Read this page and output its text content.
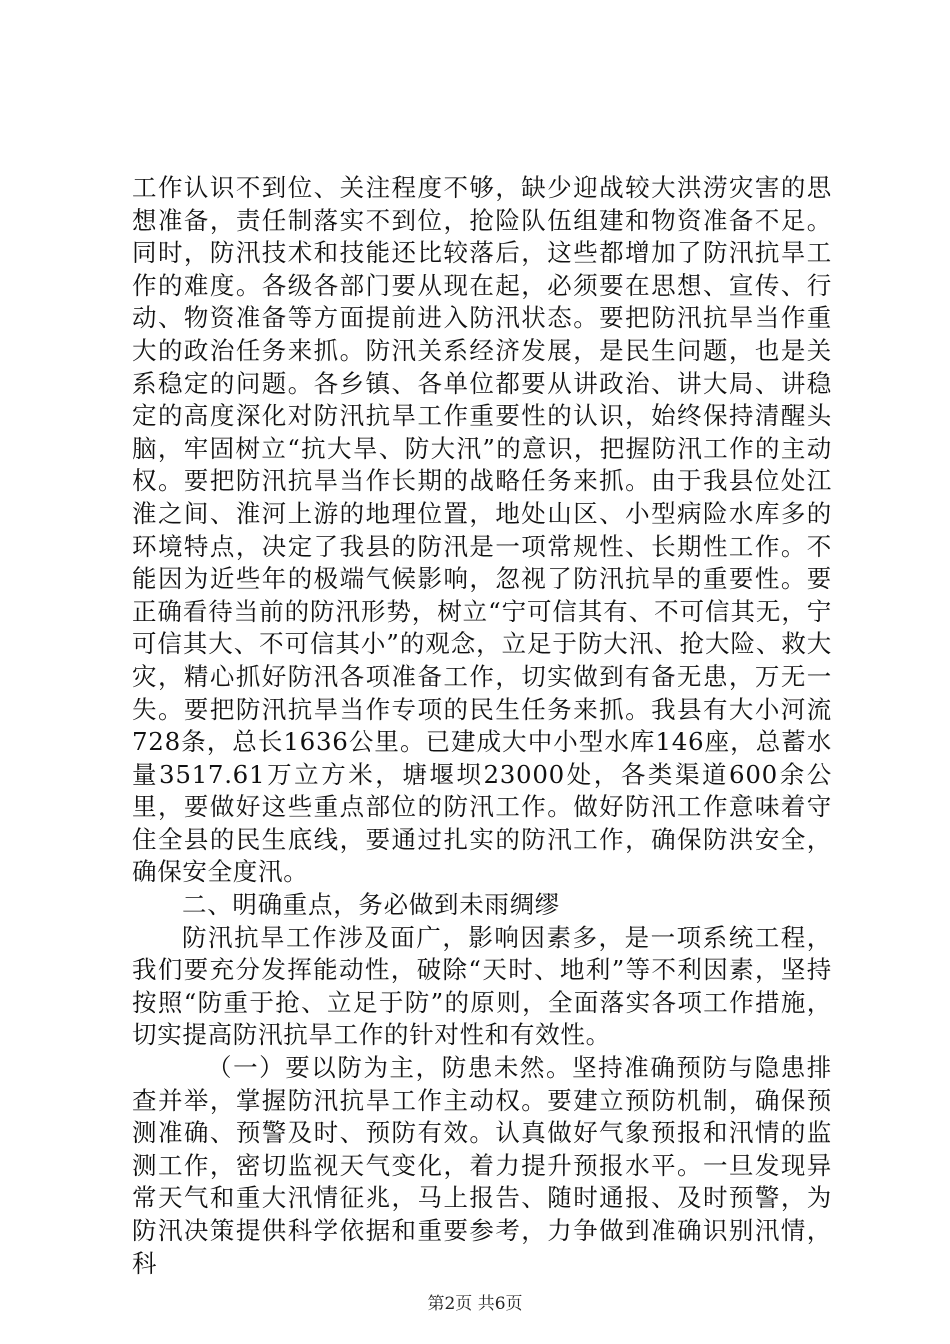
工作认识不到位、关注程度不够，缺少迎战较大洪涝灾害的思想准备，责任制落实不到位，抢险队伍组建和物资准备不足。同时，防汛技术和技能还比较落后，这些都增加了防汛抗旱工作的难度。各级各部门要从现在起，必须要在思想、宣传、行动、物资准备等方面提前进入防汛状态。要把防汛抗旱当作重大的政治任务来抓。防汛关系经济发展，是民生问题，也是关系稳定的问题。各乡镇、各单位都要从讲政治、讲大局、讲稳定的高度深化对防汛抗旱工作重要性的认识，始终保持清醒头脑，牢固树立“抗大旱、防大汛”的意识，把握防汛工作的主动权。要把防汛抗旱当作长期的战略任务来抓。由于我县位处江淮之间、淮河上游的地理位置，地处山区、小型病险水库多的环境特点，决定了我县的防汛是一项常规性、长期性工作。不能因为近些年的极端气候影响，忽视了防汛抗旱的重要性。要正确看待当前的防汛形势，树立“宁可信其有、不可信其无，宁可信其大、不可信其小”的观念，立足于防大汛、抢大险、救大灾，精心抓好防汛各项准备工作，切实做到有备无患，万无一失。要把防汛抗旱当作专项的民生任务来抓。我县有大小河流728条，总长1636公里。已建成大中小型水库146座，总蓄水量3517.61万立方米，塘堰坝23000处，各类渠道600余公里，要做好这些重点部位的防汛工作。做好防汛工作意味着守住全县的民生底线，要通过扎实的防汛工作，确保防洪安全，确保安全度汛。

二、明确重点，务必做到未雨绸缪

防汛抗旱工作涉及面广，影响因素多，是一项系统工程，我们要充分发挥能动性，破除“天时、地利”等不利因素，坚持按照“防重于抢、立足于防”的原则，全面落实各项工作措施，切实提高防汛抗旱工作的针对性和有效性。

（一）要以防为主，防患未然。坚持准确预防与隐患排查并举，掌握防汛抗旱工作主动权。要建立预防机制，确保预测准确、预警及时、预防有效。认真做好气象预报和汛情的监测工作，密切监视天气变化，着力提升预报水平。一旦发现异常天气和重大汛情征兆，马上报告、随时通报、及时预警，为防汛决策提供科学依据和重要参考，力争做到准确识别汛情，科

第2页 共6页
